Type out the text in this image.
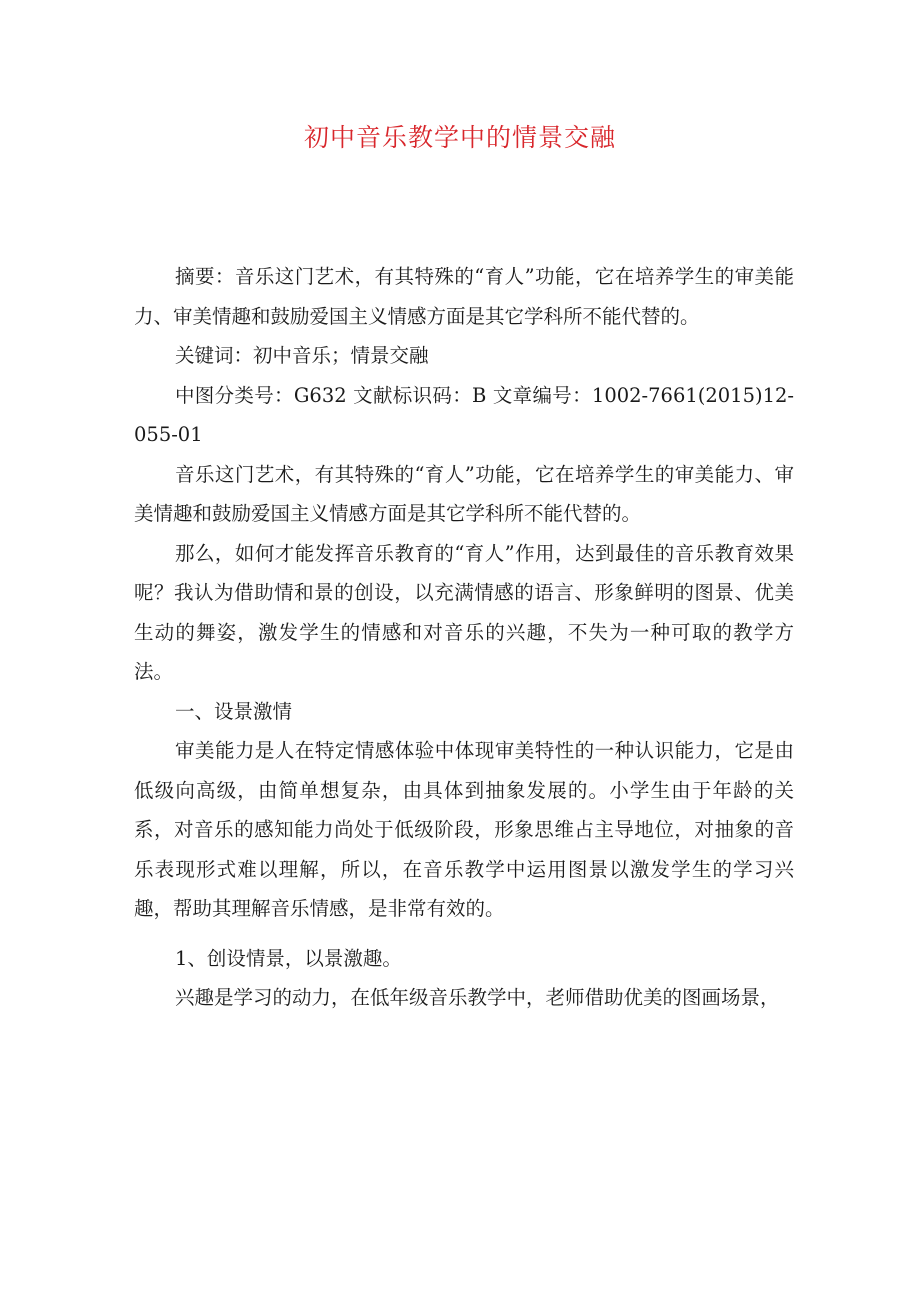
初中音乐教学中的情景交融

摘要：音乐这门艺术，有其特殊的“育人”功能，它在培养学生的审美能力、审美情趣和鼓励爱国主义情感方面是其它学科所不能代替的。

关键词：初中音乐；情景交融

中图分类号：G632 文献标识码：B 文章编号：1002-7661(2015)12-055-01

音乐这门艺术，有其特殊的“育人”功能，它在培养学生的审美能力、审美情趣和鼓励爱国主义情感方面是其它学科所不能代替的。

那么，如何才能发挥音乐教育的“育人”作用，达到最佳的音乐教育效果呢？我认为借助情和景的创设，以充满情感的语言、形象鲜明的图景、优美生动的舞姿，激发学生的情感和对音乐的兴趣，不失为一种可取的教学方法。

一、设景激情

审美能力是人在特定情感体验中体现审美特性的一种认识能力，它是由低级向高级，由简单想复杂，由具体到抽象发展的。小学生由于年龄的关系，对音乐的感知能力尚处于低级阶段，形象思维占主导地位，对抽象的音乐表现形式难以理解，所以，在音乐教学中运用图景以激发学生的学习兴趣，帮助其理解音乐情感，是非常有效的。

1、创设情景，以景激趣。

兴趣是学习的动力，在低年级音乐教学中，老师借助优美的图画场景，
